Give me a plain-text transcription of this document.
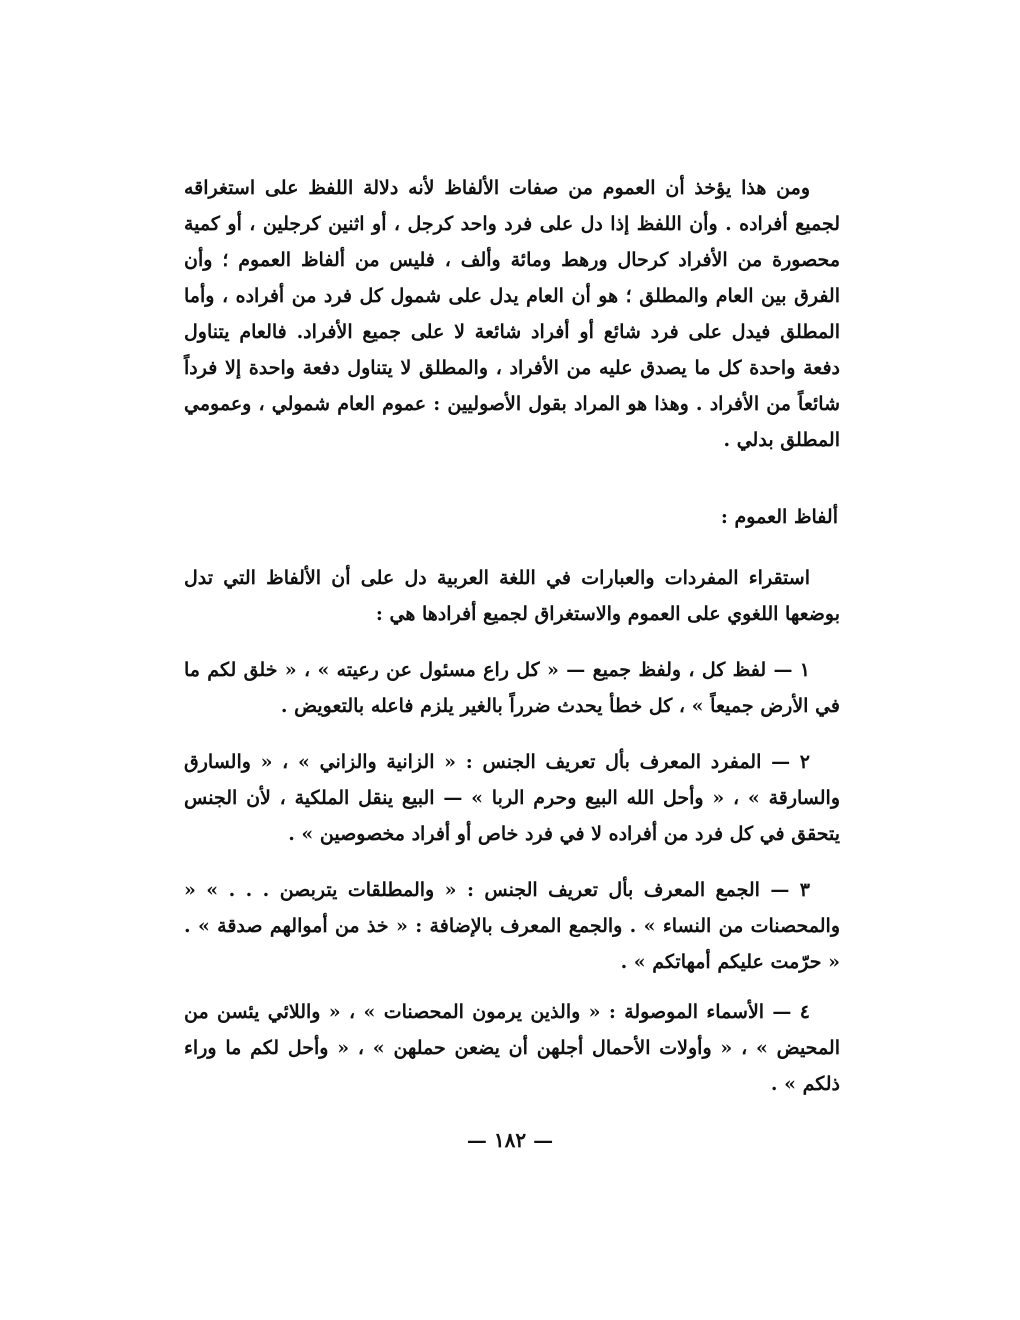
ومن هذا يؤخذ أن العموم من صفات الألفاظ لأنه دلالة اللفظ على استغراقه لجميع أفراده . وأن اللفظ إذا دل على فرد واحد كرجل ، أو اثنين كرجلين ، أو كمية محصورة من الأفراد كرحال ورهط ومائة وألف ، فليس من ألفاظ العموم ؛ وأن الفرق بين العام والمطلق ؛ هو أن العام يدل على شمول كل فرد من أفراده ، وأما المطلق فيدل على فرد شائع أو أفراد شائعة لا على جميع الأفراد. فالعام يتناول دفعة واحدة كل ما يصدق عليه من الأفراد ، والمطلق لا يتناول دفعة واحدة إلا فرداً شائعاً من الأفراد . وهذا هو المراد بقول الأصوليين : عموم العام شمولي ، وعمومي المطلق بدلي .

ألفاظ العموم :

استقراء المفردات والعبارات في اللغة العربية دل على أن الألفاظ التي تدل بوضعها اللغوي على العموم والاستغراق لجميع أفرادها هي :

١ — لفظ كل ، ولفظ جميع — « كل راع مسئول عن رعيته » ، « خلق لكم ما في الأرض جميعاً » ، كل خطأ يحدث ضرراً بالغير يلزم فاعله بالتعويض .

٢ — المفرد المعرف بأل تعريف الجنس : « الزانية والزاني » ، « والسارق والسارقة » ، « وأحل الله البيع وحرم الربا » — البيع ينقل الملكية ، لأن الجنس يتحقق في كل فرد من أفراده لا في فرد خاص أو أفراد مخصوصين » .

٣ — الجمع المعرف بأل تعريف الجنس : « والمطلقات يتربصن . . . » « والمحصنات من النساء » . والجمع المعرف بالإضافة : « خذ من أموالهم صدقة » . « حرّمت عليكم أمهاتكم » .

٤ — الأسماء الموصولة : « والذين يرمون المحصنات » ، « واللائي يئسن من المحيض » ، « وأولات الأحمال أجلهن أن يضعن حملهن » ، « وأحل لكم ما وراء ذلكم » .

— ١٨٢ —
